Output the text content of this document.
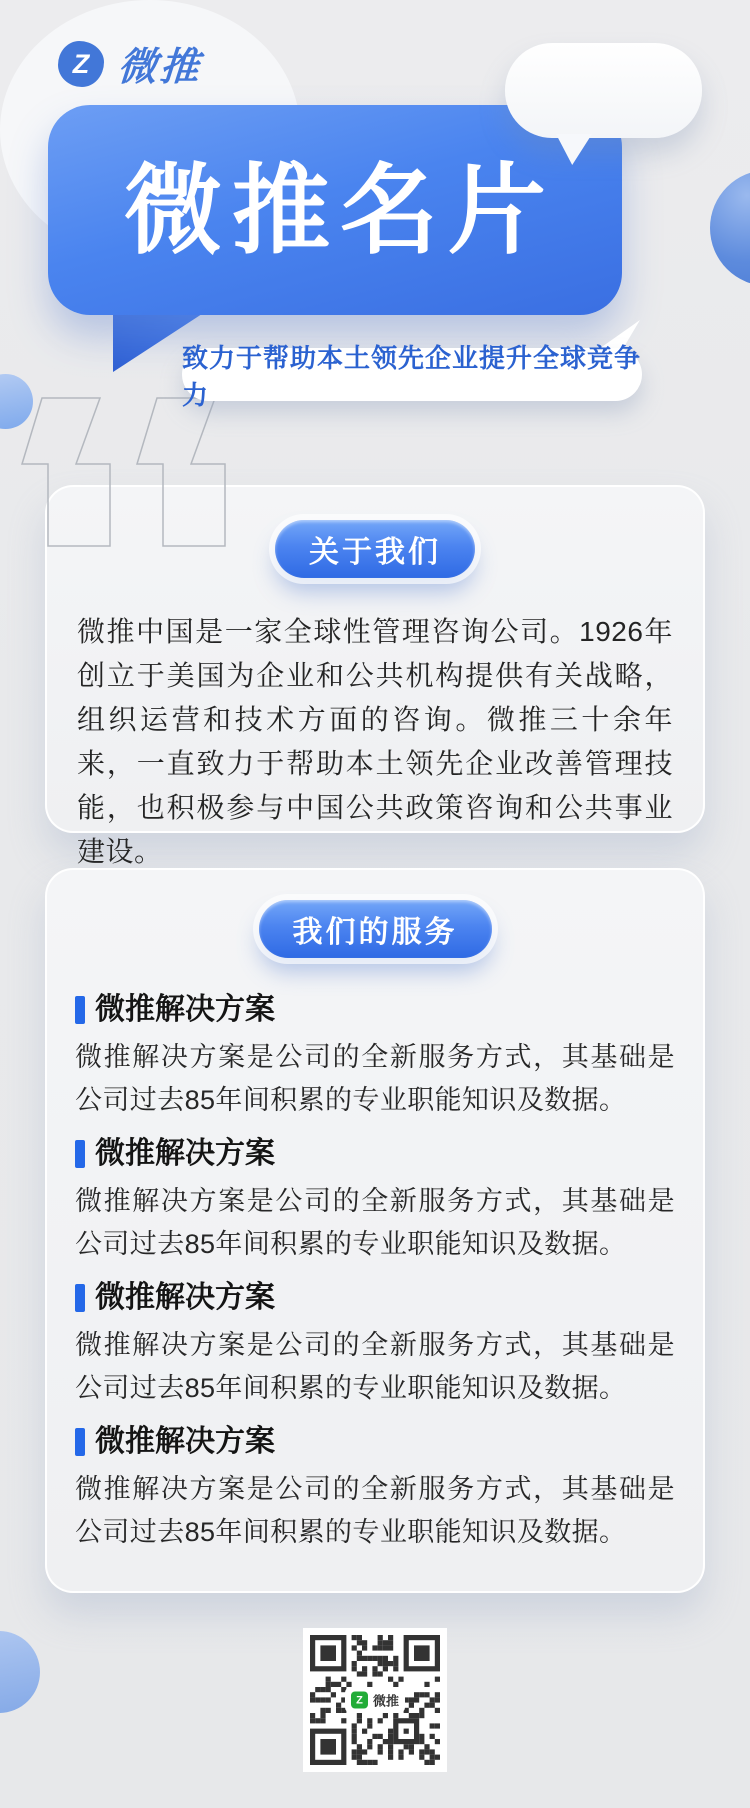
Z 微推
微推名片
致力于帮助本土领先企业提升全球竞争力
关于我们

微推中国是一家全球性管理咨询公司。1926年创立于美国为企业和公共机构提供有关战略，组织运营和技术方面的咨询。微推三十余年来，一直致力于帮助本土领先企业改善管理技能，也积极参与中国公共政策咨询和公共事业建设。

我们的服务
微推解决方案

微推解决方案是公司的全新服务方式，其基础是公司过去85年间积累的专业职能知识及数据。

微推解决方案

微推解决方案是公司的全新服务方式，其基础是公司过去85年间积累的专业职能知识及数据。

微推解决方案

微推解决方案是公司的全新服务方式，其基础是公司过去85年间积累的专业职能知识及数据。

微推解决方案

微推解决方案是公司的全新服务方式，其基础是公司过去85年间积累的专业职能知识及数据。

Z 微推
